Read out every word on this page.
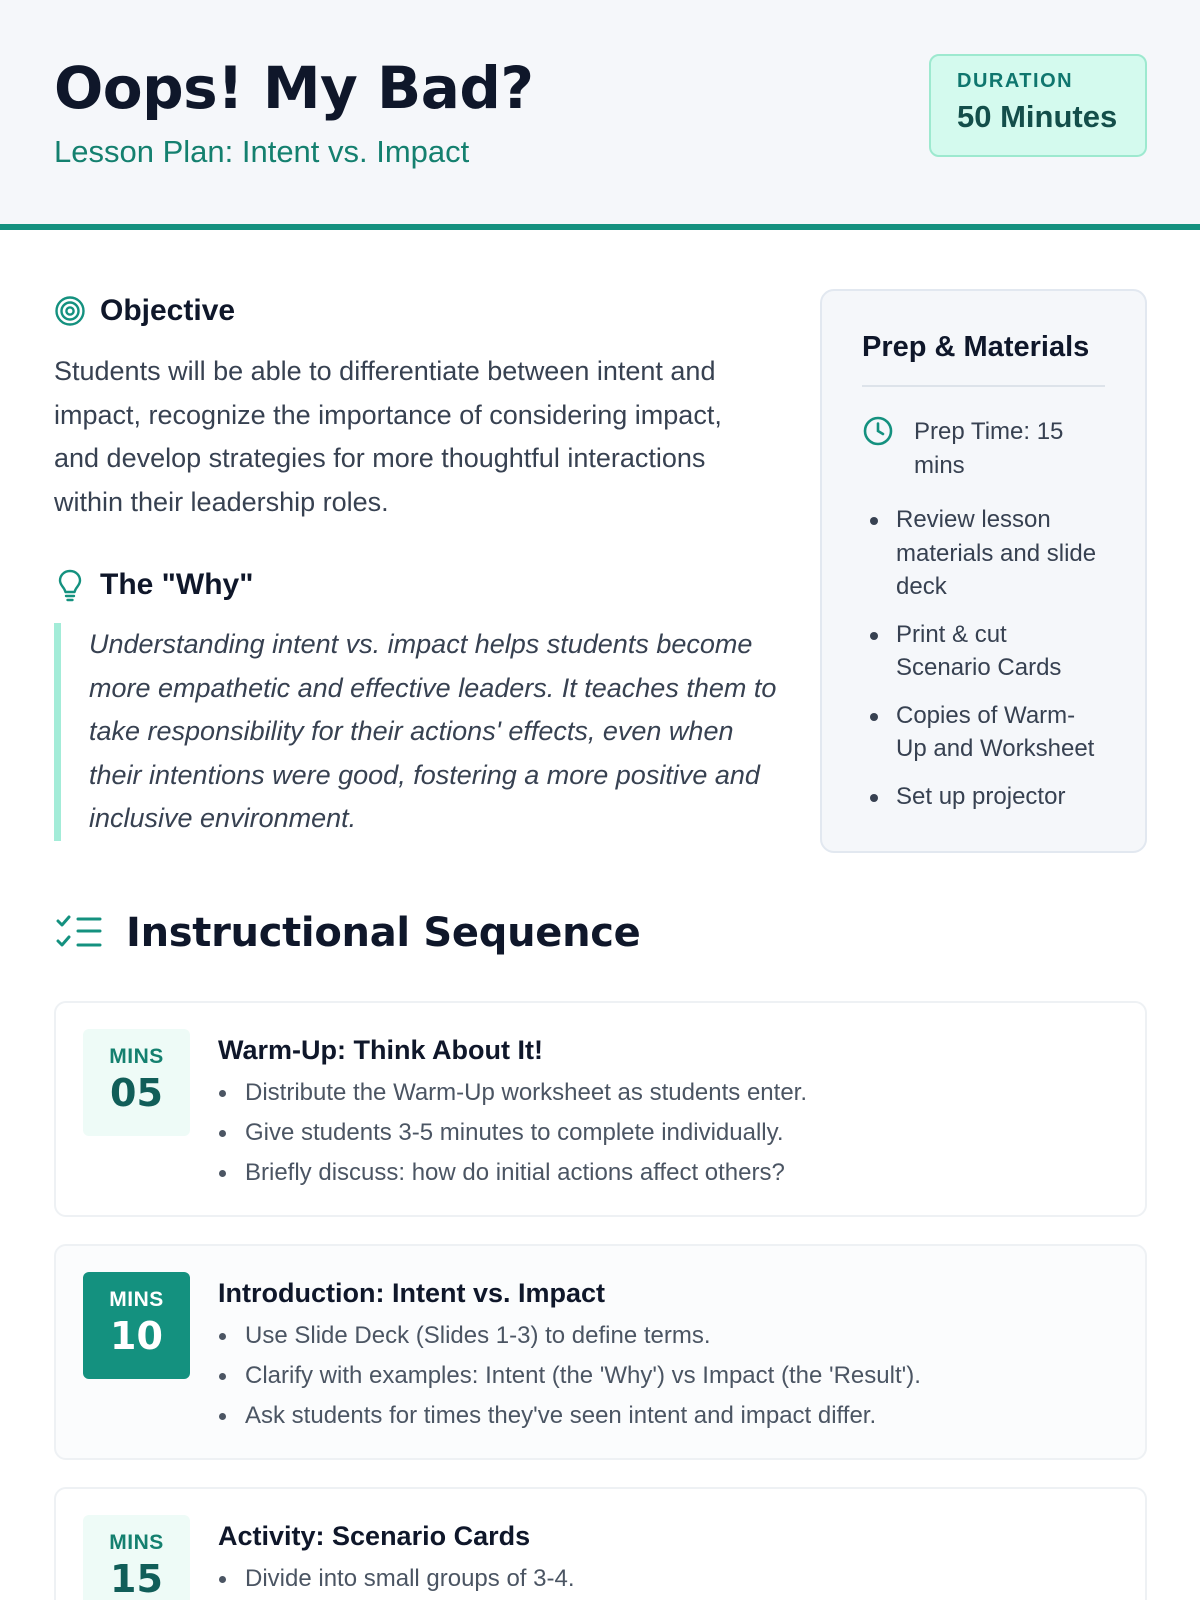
Oops! My Bad?
Lesson Plan: Intent vs. Impact
DURATION
50 Minutes
Objective
Students will be able to differentiate between intent and impact, recognize the importance of considering impact, and develop strategies for more thoughtful interactions within their leadership roles.
The "Why"
Understanding intent vs. impact helps students become more empathetic and effective leaders. It teaches them to take responsibility for their actions' effects, even when their intentions were good, fostering a more positive and inclusive environment.
Prep & Materials
Prep Time: 15 mins
Review lesson materials and slide deck
Print & cut Scenario Cards
Copies of Warm-Up and Worksheet
Set up projector
Instructional Sequence
MINS
05
Warm-Up: Think About It!
Distribute the Warm-Up worksheet as students enter.
Give students 3-5 minutes to complete individually.
Briefly discuss: how do initial actions affect others?
MINS
10
Introduction: Intent vs. Impact
Use Slide Deck (Slides 1-3) to define terms.
Clarify with examples: Intent (the 'Why') vs Impact (the 'Result').
Ask students for times they've seen intent and impact differ.
MINS
15
Activity: Scenario Cards
Divide into small groups of 3-4.
